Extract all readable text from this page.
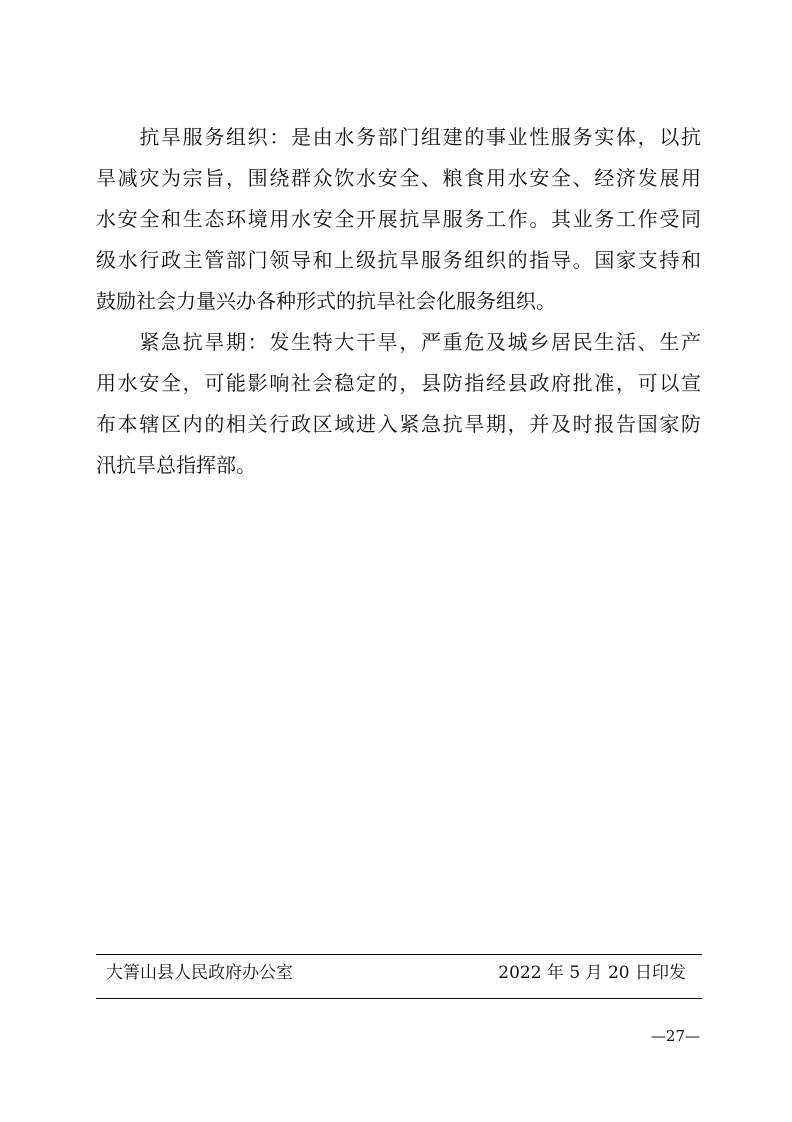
　　抗旱服务组织：是由水务部门组建的事业性服务实体，以抗
旱减灾为宗旨，围绕群众饮水安全、粮食用水安全、经济发展用
水安全和生态环境用水安全开展抗旱服务工作。其业务工作受同
级水行政主管部门领导和上级抗旱服务组织的指导。国家支持和
鼓励社会力量兴办各种形式的抗旱社会化服务组织。
　　紧急抗旱期：发生特大干旱，严重危及城乡居民生活、生产
用水安全，可能影响社会稳定的，县防指经县政府批准，可以宣
布本辖区内的相关行政区域进入紧急抗旱期，并及时报告国家防
汛抗旱总指挥部。
大箐山县人民政府办公室	2022 年 5 月 20 日印发
—27—
